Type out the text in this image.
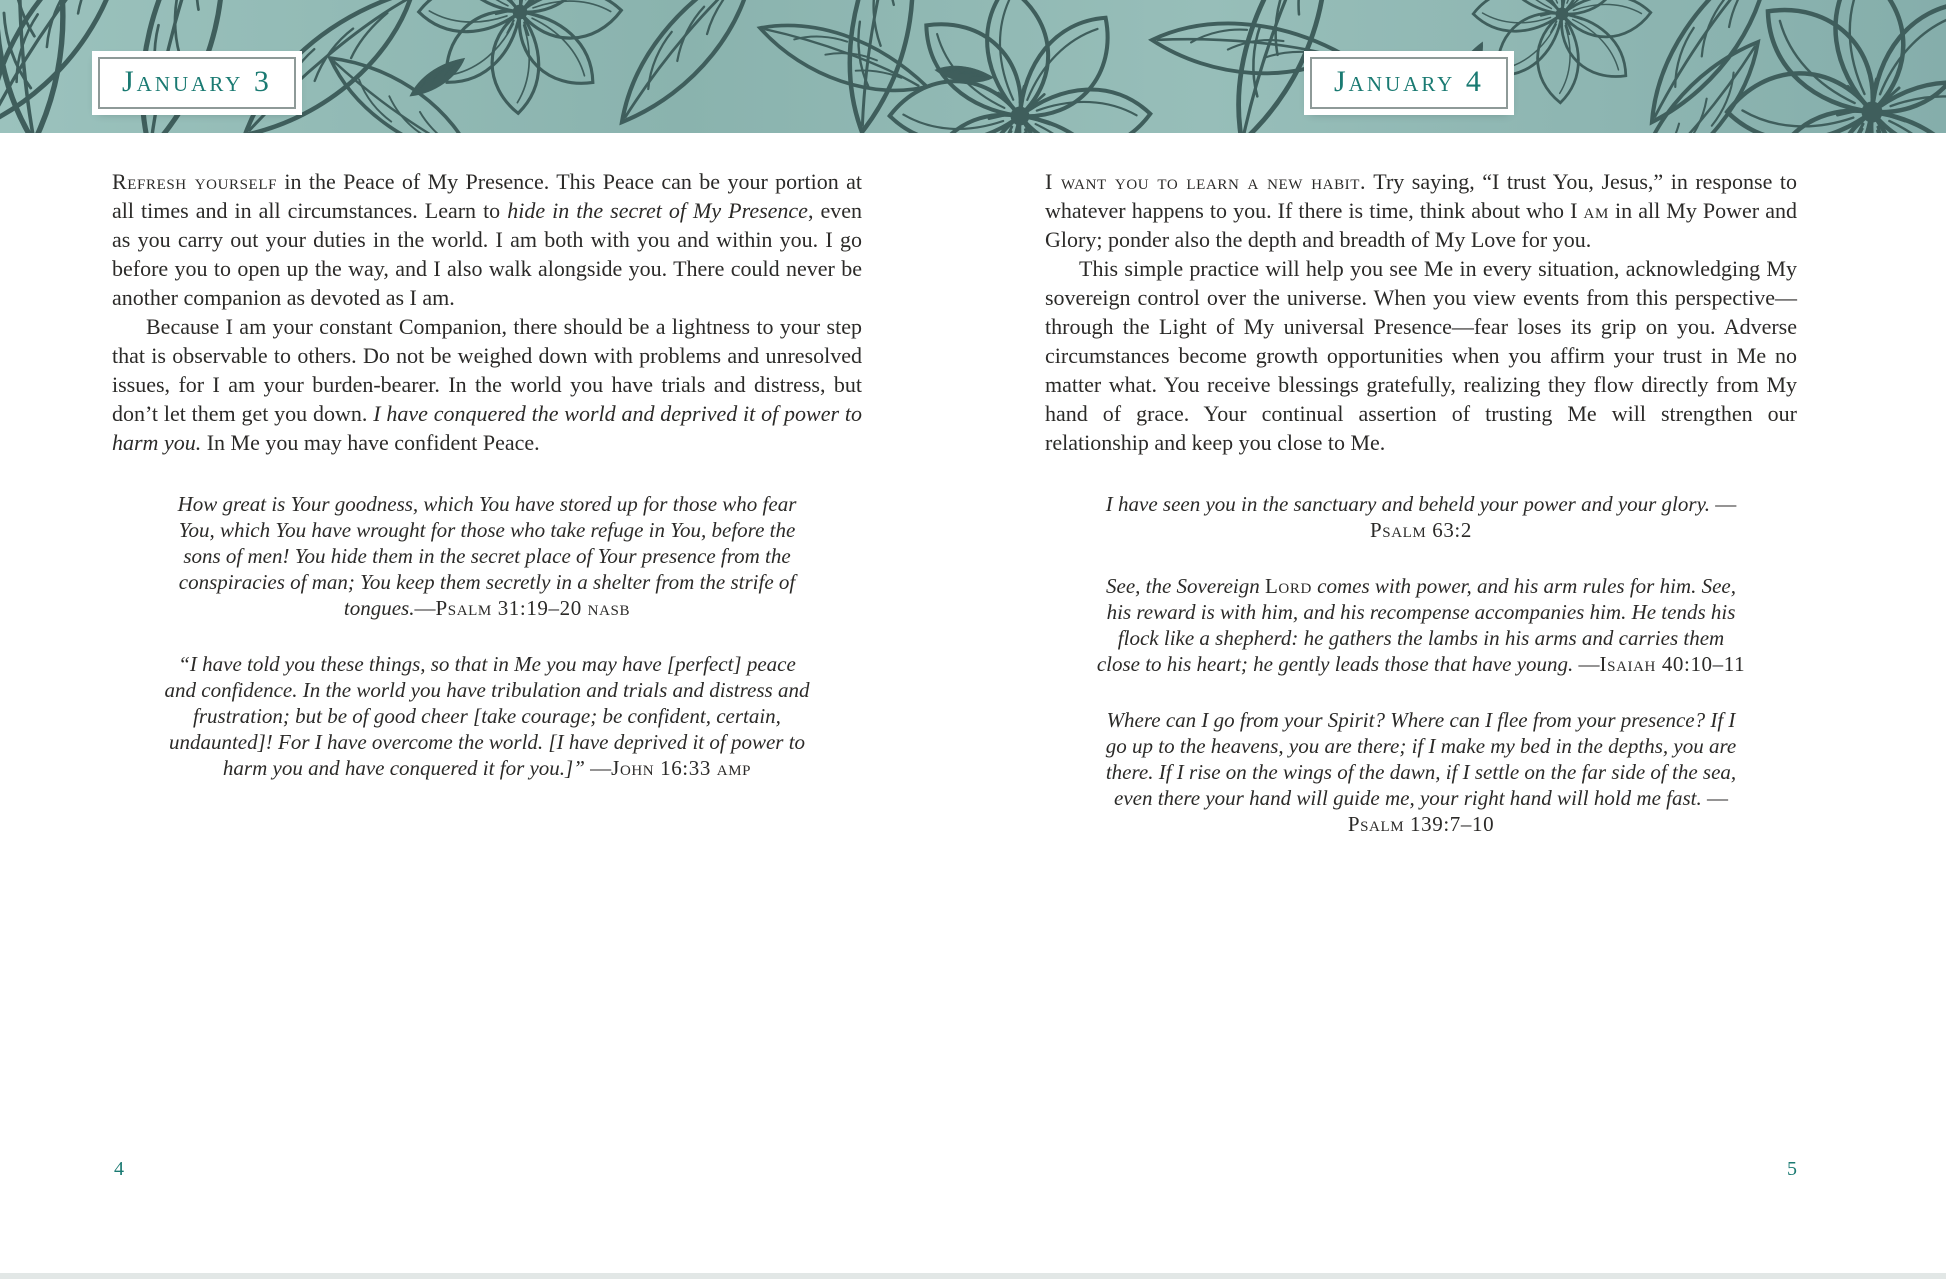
January 3	January 4

Refresh yourself in the Peace of My Presence. This Peace can be your portion at all times and in all circumstances. Learn to hide in the secret of My Presence, even as you carry out your duties in the world. I am both with you and within you. I go before you to open up the way, and I also walk alongside you. There could never be another companion as devoted as I am.

Because I am your constant Companion, there should be a lightness to your step that is observable to others. Do not be weighed down with problems and unresolved issues, for I am your burden-bearer. In the world you have trials and distress, but don’t let them get you down. I have conquered the world and deprived it of power to harm you. In Me you may have confident Peace.

How great is Your goodness, which You have stored up for those who fear You, which You have wrought for those who take refuge in You, before the sons of men! You hide them in the secret place of Your presence from the conspiracies of man; You keep them secretly in a shelter from the strife of tongues.—Psalm 31:19–20 nasb
“I have told you these things, so that in Me you may have [perfect] peace and confidence. In the world you have tribulation and trials and distress and frustration; but be of good cheer [take courage; be confident, certain, undaunted]! For I have overcome the world. [I have deprived it of power to harm you and have conquered it for you.]” —John 16:33 amp
4

I want you to learn a new habit. Try saying, “I trust You, Jesus,” in response to whatever happens to you. If there is time, think about who I am in all My Power and Glory; ponder also the depth and breadth of My Love for you.

This simple practice will help you see Me in every situation, acknowledging My sovereign control over the universe. When you view events from this perspective—through the Light of My universal Presence—fear loses its grip on you. Adverse circumstances become growth opportunities when you affirm your trust in Me no matter what. You receive blessings gratefully, realizing they flow directly from My hand of grace. Your continual assertion of trusting Me will strengthen our relationship and keep you close to Me.

I have seen you in the sanctuary and beheld your power and your glory. —Psalm 63:2
See, the Sovereign Lord comes with power, and his arm rules for him. See, his reward is with him, and his recompense accompanies him. He tends his flock like a shepherd: he gathers the lambs in his arms and carries them close to his heart; he gently leads those that have young. —Isaiah 40:10–11
Where can I go from your Spirit? Where can I flee from your presence? If I go up to the heavens, you are there; if I make my bed in the depths, you are there. If I rise on the wings of the dawn, if I settle on the far side of the sea, even there your hand will guide me, your right hand will hold me fast. —Psalm 139:7–10
5
